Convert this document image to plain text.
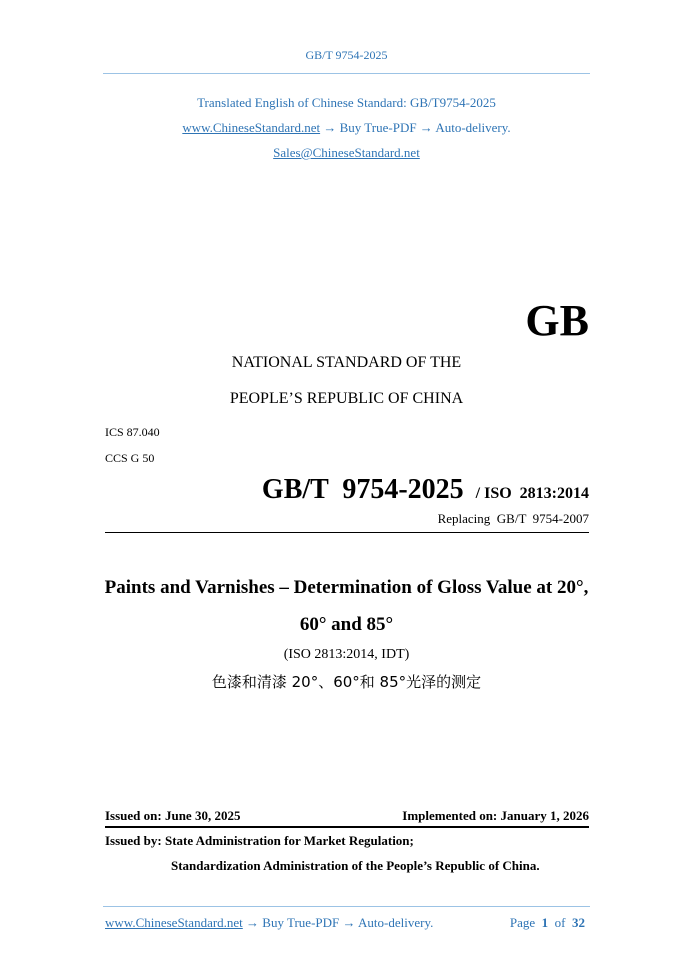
GB/T 9754-2025
Translated English of Chinese Standard: GB/T9754-2025
www.ChineseStandard.net → Buy True-PDF → Auto-delivery.
Sales@ChineseStandard.net
GB
NATIONAL STANDARD OF THE
PEOPLE’S REPUBLIC OF CHINA
ICS 87.040
CCS G 50
GB/T  9754-2025 / ISO  2813:2014
Replacing  GB/T  9754-2007
Paints and Varnishes – Determination of Gloss Value at 20°,
60° and 85°
(ISO 2813:2014, IDT)
色漆和清漆 20°、60°和 85°光泽的测定
Issued on: June 30, 2025	Implemented on: January 1, 2026
Issued by: State Administration for Market Regulation;
Standardization Administration of the People’s Republic of China.
www.ChineseStandard.net → Buy True-PDF → Auto-delivery.	Page 1 of 32
